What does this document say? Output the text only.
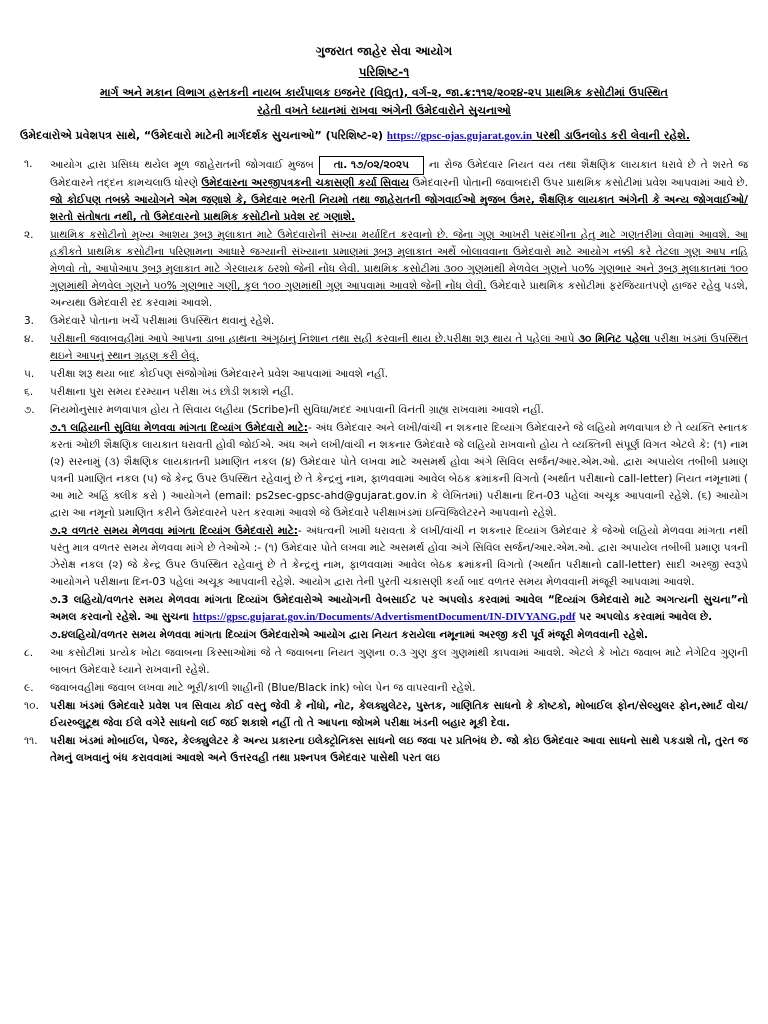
ગુજરાત જાહેર સેવા આયોગ
પરિશિષ્ટ-૧
માર્ગ અને મકાન વિભાગ હસ્તકની નાયબ કાર્યપાલક ઇજનેર (વિદ્યુત), વર્ગ-૨, જા.ક્ર:૧૧૨/૨૦૨૪-૨૫ પ્રાથમિક કસોટીમાં ઉપસ્થિત
રહેતી વખતે ધ્યાનમાં રાખવા અંગેની ઉમેદવારોને સુચનાઓ
ઉમેદવારોએ પ્રવેશપત્ર સાથે, “ઉમેદવારો માટેની માર્ગદર્શક સુચનાઓ” (પરિશિષ્ટ-૨) https://gpsc-ojas.gujarat.gov.in પરથી ડાઉનલોડ કરી લેવાની રહેશે.
૧.	આયોગ દ્વારા પ્રસિધ્ધ થયેલ મૂળ જાહેરાતની જોગવાઈ મુજબ તા. ૧૭/૦૨/૨૦૨૫ ના રોજ ઉમેદવાર નિયત વય તથા શૈક્ષણિક લાયકાત ધરાવે છે તે શરતે જ ઉમેદવારને તદ્દન કામચલાઉ ધોરણે ઉમેદવારના અરજીપત્રકની ચકાસણી કર્યા સિવાય ઉમેદવારની પોતાની જવાબદારી ઉપર પ્રાથમિક કસોટીમાં પ્રવેશ આપવામાં આવે છે. જો કોઈપણ તબક્કે આયોગને એમ જણાશે કે, ઉમેદવાર ભરતી નિયમો તથા જાહેરાતની જોગવાઈઓ મુજબ ઉંમર, શૈક્ષણિક લાયકાત અંગેની કે અન્ય જોગવાઈઓ/શરતો સંતોષતા નથી, તો ઉમેદવારનો પ્રાથમિક કસોટીનો પ્રવેશ રદ ગણાશે.
૨.	પ્રાથમિક કસોટીનો મુખ્ય આશય રૂબરૂ મુલાકાત માટે ઉમેદવારોની સંખ્યા મર્યાદિત કરવાનો છે. જેના ગુણ આખરી પસંદગીના હેતુ માટે ગણતરીમાં લેવામાં આવશે. આ હકીકતે પ્રાથમિક કસોટીના પરિણામના આધારે જગ્યાની સંખ્યાના પ્રમાણમાં રૂબરૂ મુલાકાત અર્થે બોલાવવાના ઉમેદવારો માટે આયોગ નક્કી કરે તેટલા ગુણ આપ નહિ મેળવો તો, આપોઆપ રૂબરૂ મુલાકાત માટે ગેરલાયક ઠરશો જેની નોંધ લેવી. પ્રાથમિક કસોટીમાં ૩૦૦ ગુણમાંથી મેળવેલ ગુણને ૫૦% ગુણભાર અને રૂબરૂ મુલાકાતમાં ૧૦૦ ગુણમાંથી મેળવેલ ગુણને ૫૦% ગુણભાર ગણી, કુલ ૧૦૦ ગુણમાંથી ગુણ આપવામાં આવશે જેની નોંધ લેવી. ઉમેદવારે પ્રાથમિક કસોટીમાં ફરજિયાતપણે હાજર રહેવુ પડશે, અન્યથા ઉમેદવારી રદ કરવામાં આવશે.
3.	ઉમેદવારે પોતાના ખર્ચે પરીક્ષામાં ઉપસ્થિત થવાનું રહેશે.
૪.	પરીક્ષાની જવાબવહીમાં આપે આપના ડાબા હાથના અંગૂઠાનું નિશાન તથા સહી કરવાની થાય છે.પરીક્ષા શરૂ થાય તે પહેલાં આપે ૩૦ મિનિટ પહેલા પરીક્ષા ખંડમાં ઉપસ્થિત થઇને આપનું સ્થાન ગ્રહણ કરી લેવું.
૫.	પરીક્ષા શરૂ થયા બાદ કોઈપણ સંજોગોમાં ઉમેદવારને પ્રવેશ આપવામાં આવશે નહીં.
૬.	પરીક્ષાના પુરા સમય દરમ્યાન પરીક્ષા ખંડ છોડી શકાશે નહીં.
૭.	નિયમોનુસાર મળવાપાત્ર હોય તે સિવાય લહીયા (Scribe)ની સુવિધા/મદદ આપવાની વિનંતી ગ્રાહ્ય રાખવામાં આવશે નહીં.
૭.૧ લહિયાની સુવિધા મેળવવા માંગતા દિવ્યાંગ ઉમેદવારો માટે:- અંધ ઉમેદવાર અને લખી/વાંચી ન શકનાર દિવ્યાંગ ઉમેદવારને જે લહિયો મળવાપાત્ર છે તે વ્યક્તિ સ્નાતક કરતાં ઓછી શૈક્ષણિક લાયકાત ધરાવતી હોવી જોઈએ. અંધ અને લખી/વાંચી ન શકનાર ઉમેદવારે જે લહિયો રાખવાનો હોય તે વ્યક્તિની સંપૂર્ણ વિગત એટલે કે: (૧) નામ (૨) સરનામું (૩) શૈક્ષણિક લાયકાતની પ્રમાણિત નકલ (૪) ઉમેદવાર પોતે લખવા માટે અસમર્થ હોવા અંગે સિવિલ સર્જન/આર.એમ.ઓ. દ્વારા અપાયેલ તબીબી પ્રમાણ પત્રની પ્રમાણિત નકલ (૫) જે કેન્દ્ર ઉપર ઉપસ્થિત રહેવાનું છે તે કેન્દ્રનું નામ, ફાળવવામાં આવેલ બેઠક ક્રમાંકની વિગતો (અર્થાત પરીક્ષાનો call-letter) નિયત નમૂનામાં ( આ માટે અહિં ક્લીક કરો ) આયોગને (email: ps2sec-gpsc-ahd@gujarat.gov.in કે લેખિતમાં) પરીક્ષાના દિન-03 પહેલાં અચૂક આપવાની રહેશે. (૬) આયોગ દ્વારા આ નમૂનો પ્રમાણિત કરીને ઉમેદવારને પરત કરવામાં આવશે જે ઉમેદવારે પરીક્ષાખંડમાં ઇન્વિજિલેટરને આપવાનો રહેશે.
૭.૨ વળતર સમય મેળવવા માંગતા દિવ્યાંગ ઉમેદવારો માટે:- અંધત્વની ખામી ધરાવતા કે લખી/વાંચી ન શકનાર દિવ્યાંગ ઉમેદવાર કે જેઓ લહિયો મેળવવા માંગતા નથી પરંતુ માત્ર વળતર સમય મેળવવા માંગે છે તેઓએ :- (૧) ઉમેદવાર પોતે લખવા માટે અસમર્થ હોવા અંગે સિવિલ સર્જન/આર.એમ.ઓ. દ્વારા અપાયેલ તબીબી પ્રમાણ પત્રની ઝેરોક્ષ નકલ (૨) જે કેન્દ્ર ઉપર ઉપસ્થિત રહેવાનું છે તે કેન્દ્રનું નામ, ફાળવવામાં આવેલ બેઠક ક્રમાંકની વિગતો (અર્થાત પરીક્ષાનો call-letter) સાદી અરજી સ્વરૂપે આયોગને પરીક્ષાના દિન-03 પહેલાં અચૂક આપવાની રહેશે. આયોગ દ્વારા તેની પુરતી ચકાસણી કર્યા બાદ વળતર સમય મેળવવાની મંજૂરી આપવામાં આવશે.
૭.3 લહિયો/વળતર સમય મેળવવા માંગતા દિવ્યાંગ ઉમેદવારોએ આયોગની વેબસાઈટ પર અપલોડ કરવામાં આવેલ “દિવ્યાંગ ઉમેદવારો માટે અગત્યની સુચના”નો અમલ કરવાનો રહેશે. આ સુચના https://gpsc.gujarat.gov.in/Documents/AdvertismentDocument/IN-DIVYANG.pdf પર અપલોડ કરવામાં આવેલ છે.
૭.૪લહિયો/વળતર સમય મેળવવા માંગતા દિવ્યાંગ ઉમેદવારોએ આયોગ દ્વારા નિયત કરાયેલા નમૂનામાં અરજી કરી પૂર્વ મંજૂરી મેળવવાની રહેશે.
૮.	આ કસોટીમાં પ્રત્યેક ખોટા જવાબના કિસ્સાઓમાં જે તે જવાબના નિયત ગુણના ૦.૩ ગુણ કુલ ગુણમાંથી કાપવામાં આવશે. એટલે કે ખોટા જવાબ માટે નેગેટિવ ગુણની બાબત ઉમેદવારે ધ્યાને રાખવાની રહેશે.
૯.	જવાબવહીમાં જવાબ લખવા માટે ભૂરી/કાળી શાહીની (Blue/Black ink) બોલ પેન જ વાપરવાની રહેશે.
૧૦.	પરીક્ષા ખંડમાં ઉમેદવારે પ્રવેશ પત્ર સિવાય કોઈ વસ્તુ જેવી કે નોંધો, નોટ, કેલક્યુલેટર, પુસ્તક, ગાણિતિક સાધનો કે કોષ્ટકો, મોબાઈલ ફોન/સેલ્યુલર ફોન,સ્માર્ટ વોચ/ઈયરબ્લુટૂથ જેવા ઈલે વગેરે સાધનો લઈ જઈ શકાશે નહીં તો તે આપના જોખમે પરીક્ષા ખંડની બહાર મૂકી દેવા.
૧૧.	પરીક્ષા ખંડમાં મોબાઈલ, પેજર, કેલ્ક્યુલેટર કે અન્ય પ્રકારના ઇલેક્ટ્રોનિક્સ સાધનો લઇ જવા પર પ્રતિબંધ છે. જો કોઇ ઉમેદવાર આવા સાધનો સાથે પકડાશે તો, તુરત જ તેમનું લખવાનું બંધ કરાવવામાં આવશે અને ઉત્તરવહી તથા પ્રશ્નપત્ર ઉમેદવાર પાસેથી પરત લઇ
